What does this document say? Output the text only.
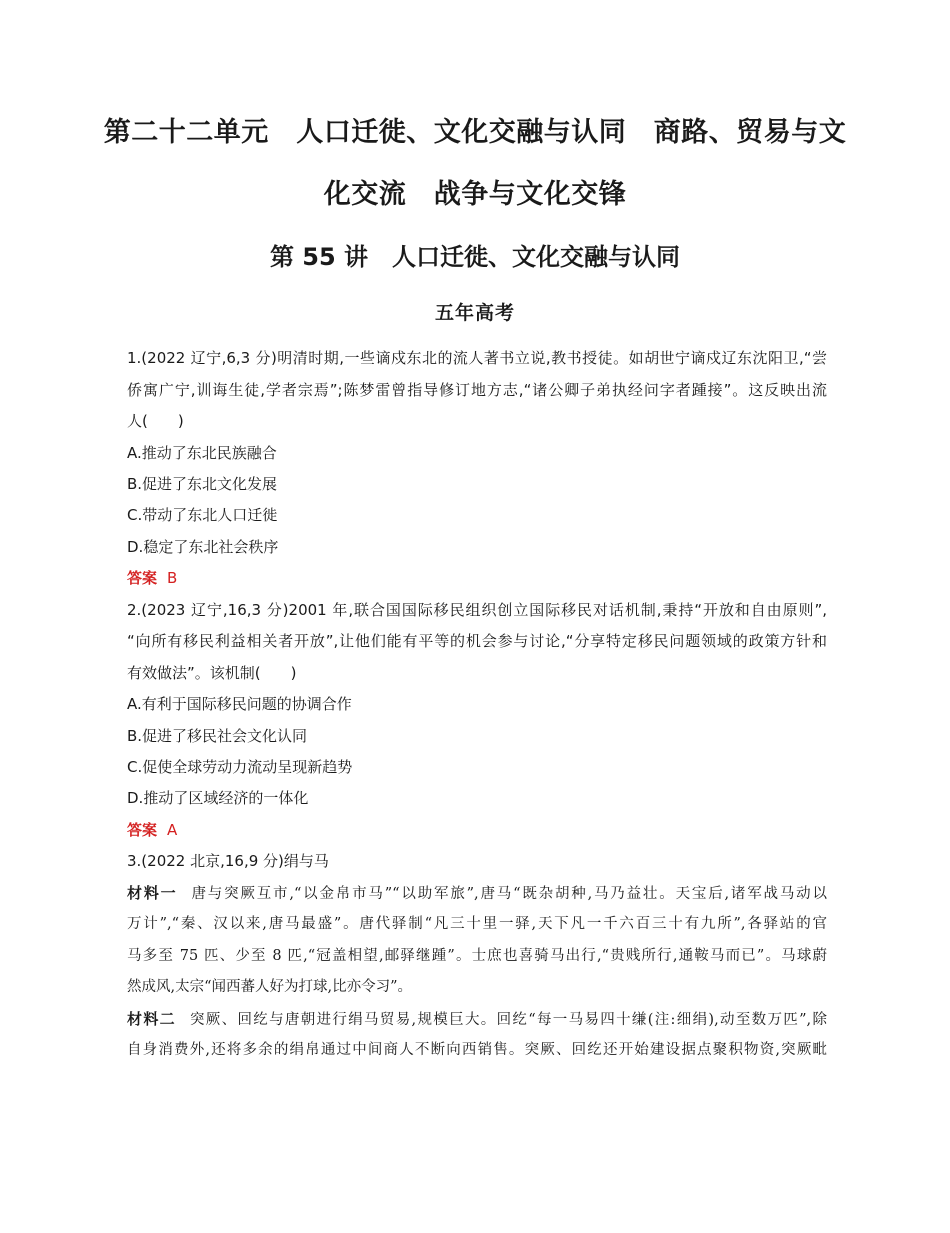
第二十二单元　人口迁徙、文化交融与认同　商路、贸易与文
化交流　战争与文化交锋
第 55 讲　人口迁徙、文化交融与认同
五年高考
1.(2022 辽宁,6,3 分)明清时期,一些谪戍东北的流人著书立说,教书授徒。如胡世宁谪戍辽东沈阳卫,“尝
侨寓广宁,训诲生徒,学者宗焉”;陈梦雷曾指导修订地方志,“诸公卿子弟执经问字者踵接”。这反映出流
人(　　)
A.推动了东北民族融合
B.促进了东北文化发展
C.带动了东北人口迁徙
D.稳定了东北社会秩序
答案 B
2.(2023 辽宁,16,3 分)2001 年,联合国国际移民组织创立国际移民对话机制,秉持“开放和自由原则”,
“向所有移民利益相关者开放”,让他们能有平等的机会参与讨论,“分享特定移民问题领域的政策方针和
有效做法”。该机制(　　)
A.有利于国际移民问题的协调合作
B.促进了移民社会文化认同
C.促使全球劳动力流动呈现新趋势
D.推动了区域经济的一体化
答案 A
3.(2022 北京,16,9 分)绢与马
材料一 唐与突厥互市,“以金帛市马”“以助军旅”,唐马“既杂胡种,马乃益壮。天宝后,诸军战马动以
万计”,“秦、汉以来,唐马最盛”。唐代驿制“凡三十里一驿,天下凡一千六百三十有九所”,各驿站的官
马多至 75 匹、少至 8 匹,“冠盖相望,邮驿继踵”。士庶也喜骑马出行,“贵贱所行,通鞍马而已”。马球蔚
然成风,太宗“闻西蕃人好为打球,比亦令习”。
材料二 突厥、回纥与唐朝进行绢马贸易,规模巨大。回纥“每一马易四十缣(注:细绢),动至数万匹”,除
自身消费外,还将多余的绢帛通过中间商人不断向西销售。突厥、回纥还开始建设据点聚积物资,突厥毗
